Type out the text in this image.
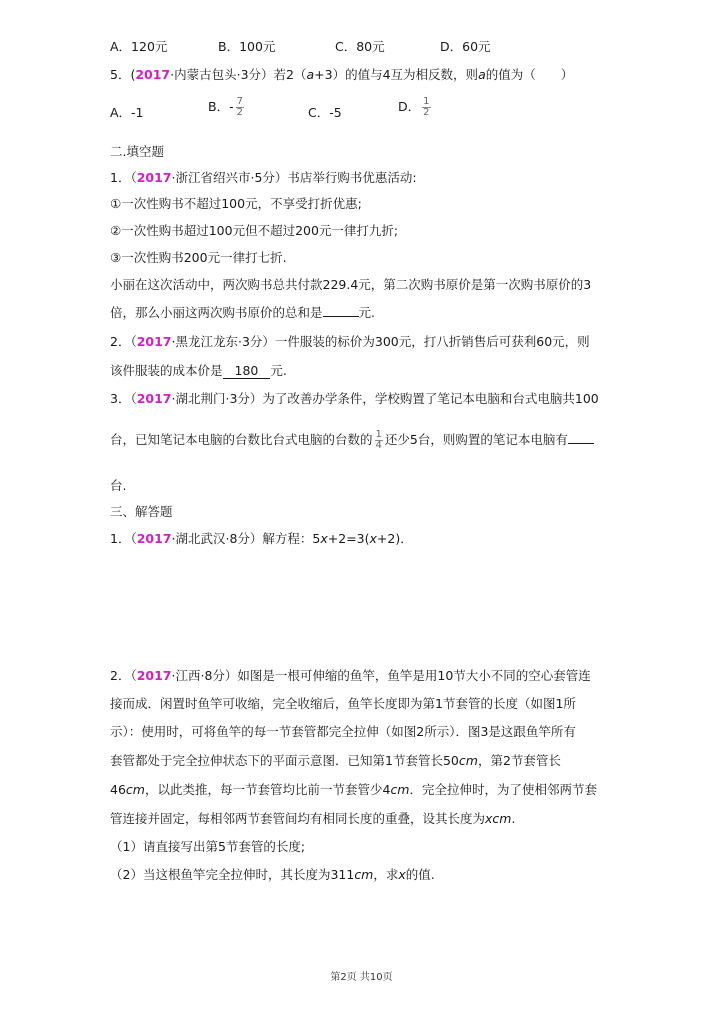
A．120元	B．100元	C．80元	D．60元
5．(2017·内蒙古包头·3分）若2（a+3）的值与4互为相反数，则a的值为（　　）
A．-1	B．- $\frac{7}{2}$	C．-5	D． $\frac{1}{2}$
二.填空题
1．（2017·浙江省绍兴市·5分）书店举行购书优惠活动:
①一次性购书不超过100元，不享受打折优惠;
②一次性购书超过100元但不超过200元一律打九折;
③一次性购书200元一律打七折.
小丽在这次活动中，两次购书总共付款229.4元，第二次购书原价是第一次购书原价的3
倍，那么小丽这两次购书原价的总和是	元.
2．（2017·黑龙江龙东·3分）一件服装的标价为300元，打八折销售后可获利60元，则
该件服装的成本价是 180 元.
3．（2017·湖北荆门·3分）为了改善办学条件，学校购置了笔记本电脑和台式电脑共100
台，已知笔记本电脑的台数比台式电脑的台数的 $\frac{1}{4}$ 还少5台，则购置的笔记本电脑有
台.
三、解答题
1．（2017·湖北武汉·8分）解方程：5x+2=3(x+2)．
2．（2017·江西·8分）如图是一根可伸缩的鱼竿，鱼竿是用10节大小不同的空心套管连
接而成．闲置时鱼竿可收缩，完全收缩后，鱼竿长度即为第1节套管的长度（如图1所
示）：使用时，可将鱼竿的每一节套管都完全拉伸（如图2所示）．图3是这跟鱼竿所有
套管都处于完全拉伸状态下的平面示意图．已知第1节套管长50cm，第2节套管长
46cm，以此类推，每一节套管均比前一节套管少4cm．完全拉伸时，为了使相邻两节套
管连接并固定，每相邻两节套管间均有相同长度的重叠，设其长度为xcm.
（1）请直接写出第5节套管的长度;
（2）当这根鱼竿完全拉伸时，其长度为311cm，求x的值.
第2页 共10页
